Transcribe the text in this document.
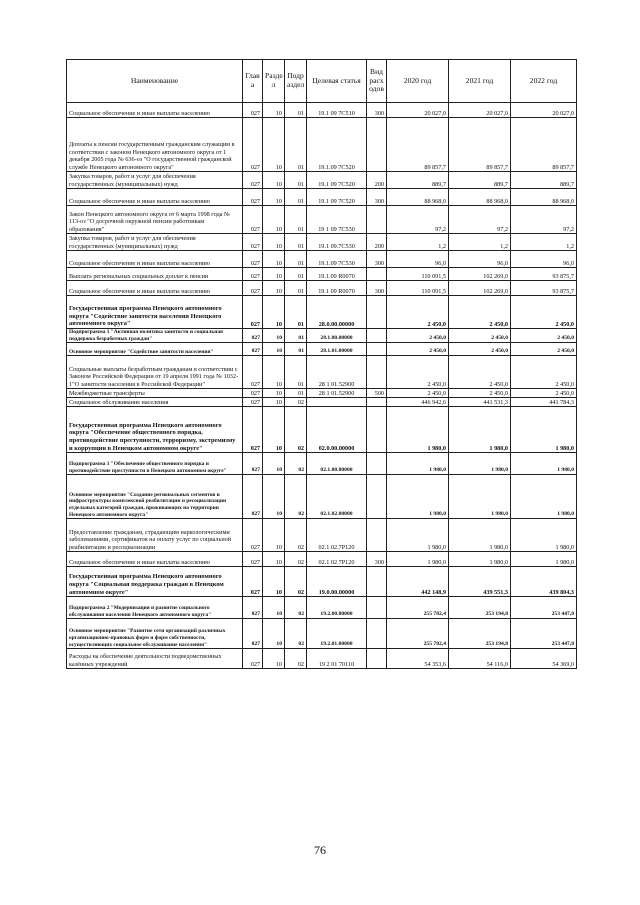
Наименование	Глав а	Разде л	Подр аздел	Целевая статья	Вид расх одов	2020 год	2021 год	2022 год
Социальное обеспечение и иные выплаты населению	027	10	01	19.1 09 7С510	300	20 027,0	20 027,0	20 027,0
Доплаты к пенсии государственным гражданским служащим в соответствии с законом Ненецкого автономного округа от 1 декабря 2005 года № 636-оз "О государственной гражданской службе Ненецкого автономного округа"	027	10	01	19.1.09 7С520		89 857,7	89 857,7	89 857,7
Закупка товаров, работ и услуг для обеспечения государственных (муниципальных) нужд	027	10	01	19.1 09 7С520	200	889,7	889,7	889,7
Социальное обеспечение и иные выплаты населению	027	10	01	19.1 09 7С520	300	88 968,0	88 968,0	88 968,0
Закон Ненецкого автономного округа от 6 марта 1998 года № 113-оз "О досрочной окружной пенсии работникам образования"	027	10	01	19 1 09 7С530		97,2	97,2	97,2
Закупка товаров, работ и услуг для обеспечения государственных (муниципальных) нужд	027	10	01	19.1 09.7С530	200	1,2	1,2	1,2
Социальное обеспечение и иные выплаты населению	027	10	01	19.1.09 7С530	300	96,0	96,0	96,0
Выплата региональных социальных доплат к пенсии	027	10	01	19.1.09 R0070		110 091,5	102 269,0	93 875,7
Социальное обеспечение и иные выплаты населению	027	10	01	19.1 09 R0070	300	110 091,5	102 269,0	93 875,7
Государственная программа Ненецкого автономного округа "Содействие занятости населения Ненецкого автономного округа"	027	10	01	28.0.00.00000		2 450,0	2 450,0	2 450,0
Подпрограмма 1 "Активная политика занятости и социальная поддержка безработных граждан"	027	10	01	28.1.00.00000		2 450,0	2 450,0	2 450,0
Основное мероприятие "Содействие занятости населения"	027	10	01	28.1.01.00000		2 450,0	2 450,0	2 450,0
Социальные выплаты безработным гражданам в соответствии с Законом Российской Федерации от 19 апреля 1991 года № 1032-1"О занятости населения в Российской Федерации"	027	10	01	28 1 01.52900		2 450,0	2 450,0	2 450,0
Межбюджетные трансферты	027	10	01	28 1 01.52900	500	2 450,0	2 450,0	2 450,0
Социальное обслуживание населения	027	10	02			446 942,6	441 531,3	441 784,3
Государственная программа Ненецкого автономного округа "Обеспечение общественного порядка, противодействие преступности, терроризму, экстремизму и коррупции в Ненецком автономном округе"	027	10	02	02.0.00.00000		1 980,0	1 980,0	1 980,0
Подпрограмма 1 "Обеспечение общественного порядка и противодействие преступности в Ненецком автономном округе"	027	10	02	02.1.00.00000		1 980,0	1 980,0	1 980,0
Основное мероприятие "Создание региональных сегментов и инфраструктуры комплексной реабилитации и ресоциализации отдельных категорий граждан, проживающих на территории Ненецкого автономного округа"	027	10	02	02.1.02.00000		1 980,0	1 980,0	1 980,0
Предоставление гражданам, страдающим наркологическими заболеваниями, сертификатов на оплату услуг по социальной реабилитации и ресоциализации	027	10	02	02.1 02.7Р120		1 980,0	1 980,0	1 980,0
Социальное обеспечение и иные выплаты населению	027	10	02	02.1 02 7Р120	300	1 980,0	1 980,0	1 980,0
Государственная программа Ненецкого автономного округа "Социальная поддержка граждан в Ненецком автономном округе"	027	10	02	19.0.00.00000		442 148,9	439 551,3	439 804,3
Подпрограмма 2 "Модернизация и развитие социального обслуживания населения Ненецкого автономного округа"	027	10	02	19.2.00.00000		255 782,4	253 194,8	253 447,8
Основное мероприятие "Развитие сети организаций различных организационно-правовых форм и форм собственности, осуществляющих социальное обслуживание населения"	027	10	02	19.2.01.00000		255 782,4	253 194,8	253 447,8
Расходы на обеспечение деятельности подведомственных казённых учреждений	027	10	02	19 2 01 70110		54 353,6	54 116,0	54 369,0
76
